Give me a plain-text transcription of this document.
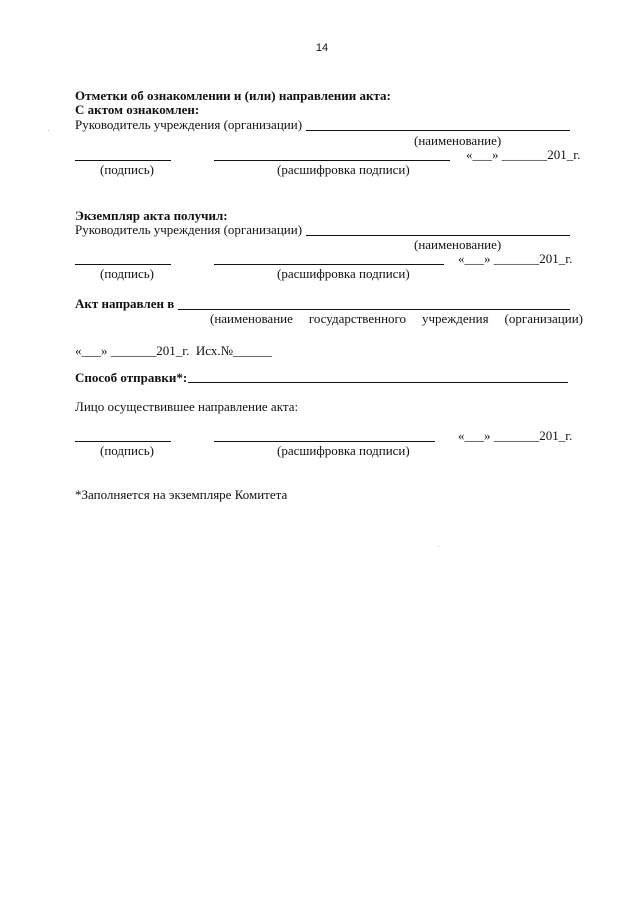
14
Отметки об ознакомлении и (или) направлении акта:
С актом ознакомлен:
Руководитель учреждения (организации)
(наименование)
«___» _______201_г.
(подпись)	(расшифровка подписи)
Экземпляр акта получил:
Руководитель учреждения (организации)
(наименование)
«___» _______201_г.
(подпись)	(расшифровка подписи)
Акт направлен в
(наименование государственного учреждения (организации)
«___» _______201_г.  Исх.№______
Способ отправки*:
Лицо осуществившее направление акта:
«___» _______201_г.
(подпись)	(расшифровка подписи)
*Заполняется на экземпляре Комитета
